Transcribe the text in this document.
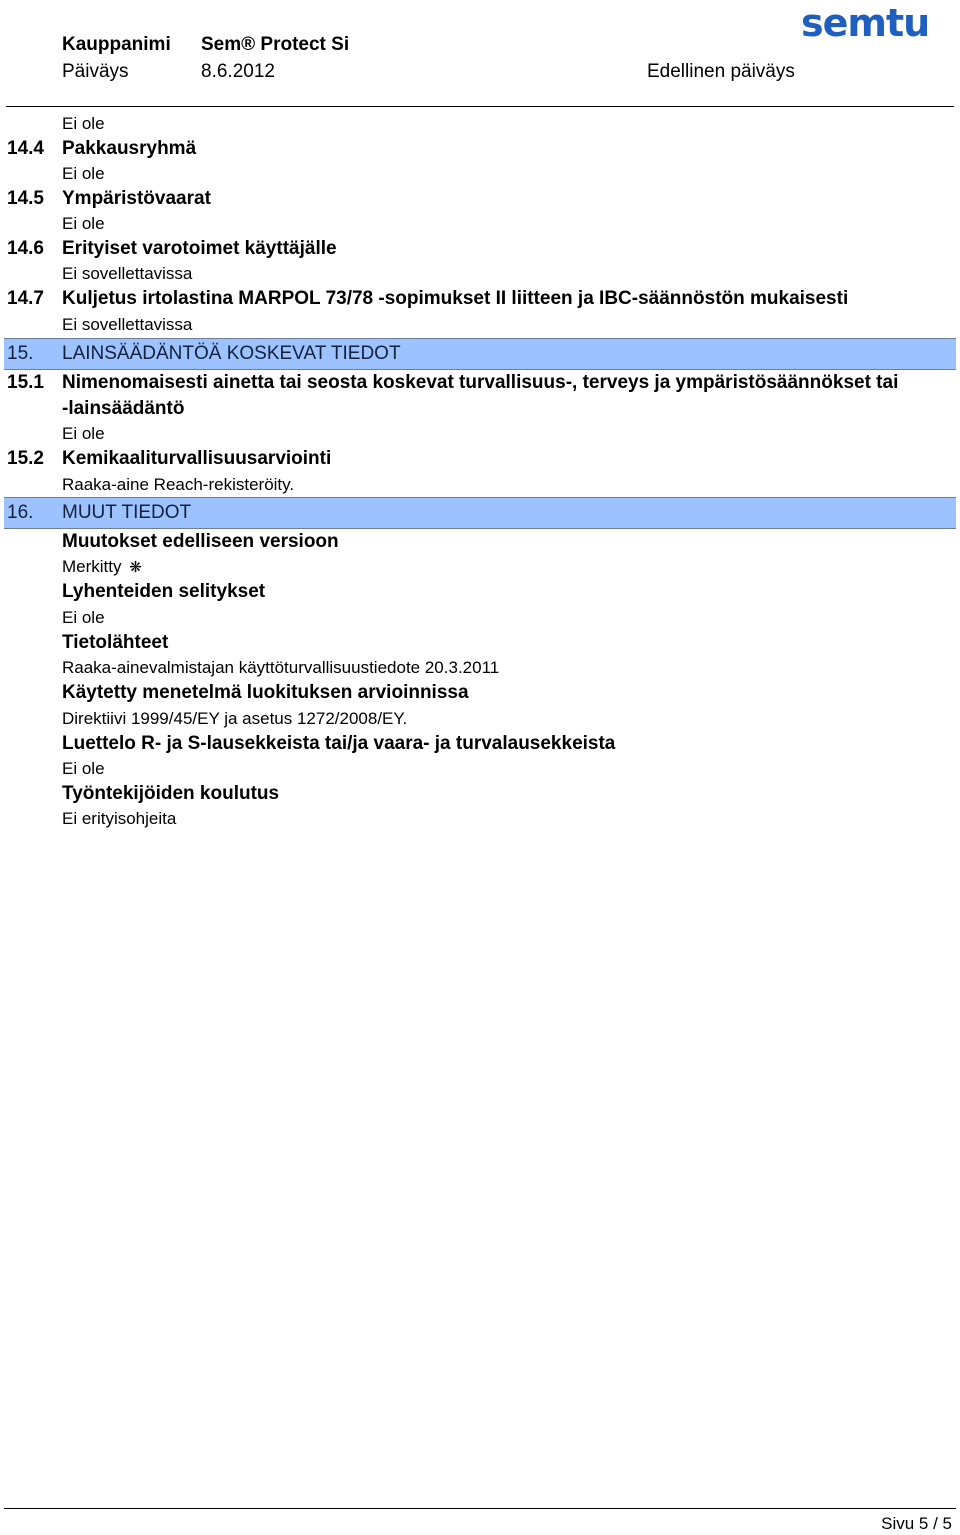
Kauppanimi Sem® Protect Si
Päiväys	8.6.2012	Edellinen päiväys
semtu
Ei ole
14.4 Pakkausryhmä
Ei ole
14.5 Ympäristövaarat
Ei ole
14.6 Erityiset varotoimet käyttäjälle
Ei sovellettavissa
14.7 Kuljetus irtolastina MARPOL 73/78 -sopimukset II liitteen ja IBC-säännöstön mukaisesti
Ei sovellettavissa
15. LAINSÄÄDÄNTÖÄ KOSKEVAT TIEDOT
15.1 Nimenomaisesti ainetta tai seosta koskevat turvallisuus-, terveys ja ympäristösäännökset tai
-lainsäädäntö
Ei ole
15.2 Kemikaaliturvallisuusarviointi
Raaka-aine Reach-rekisteröity.
16. MUUT TIEDOT
Muutokset edelliseen versioon
Merkitty ❋
Lyhenteiden selitykset
Ei ole
Tietolähteet
Raaka-ainevalmistajan käyttöturvallisuustiedote 20.3.2011
Käytetty menetelmä luokituksen arvioinnissa
Direktiivi 1999/45/EY ja asetus 1272/2008/EY.
Luettelo R- ja S-lausekkeista tai/ja vaara- ja turvalausekkeista
Ei ole
Työntekijöiden koulutus
Ei erityisohjeita
Sivu 5 / 5
